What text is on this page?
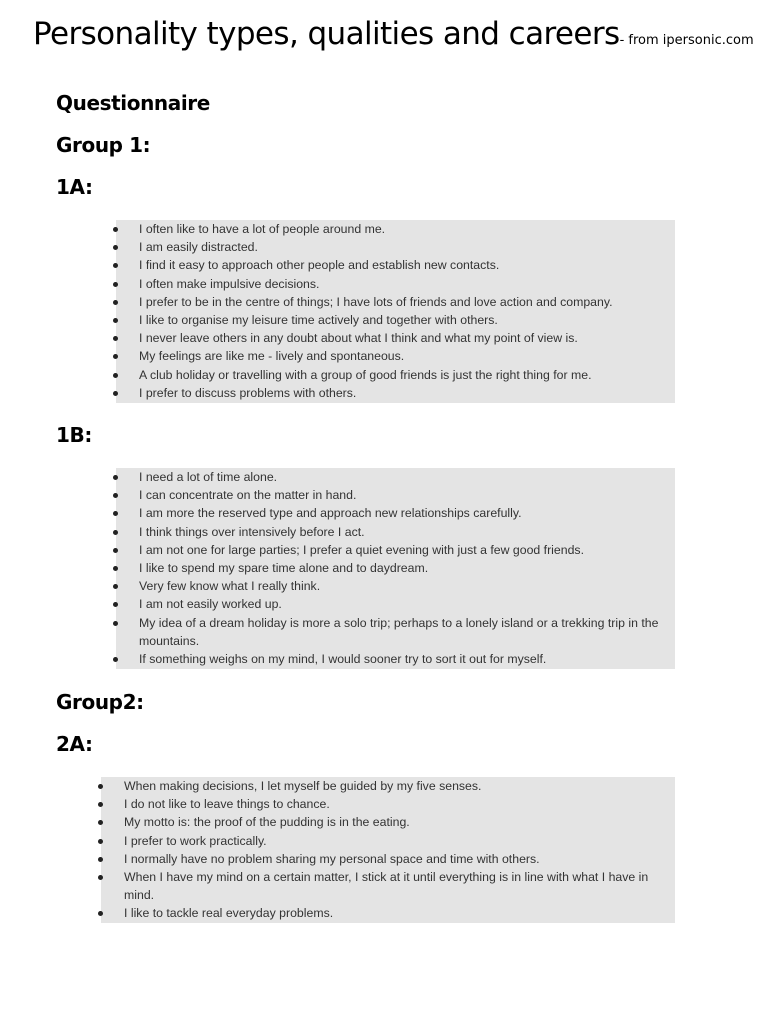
Personality types, qualities and careers- from ipersonic.com
Questionnaire
Group 1:
1A:
I often like to have a lot of people around me.
I am easily distracted.
I find it easy to approach other people and establish new contacts.
I often make impulsive decisions.
I prefer to be in the centre of things; I have lots of friends and love action and company.
I like to organise my leisure time actively and together with others.
I never leave others in any doubt about what I think and what my point of view is.
My feelings are like me - lively and spontaneous.
A club holiday or travelling with a group of good friends is just the right thing for me.
I prefer to discuss problems with others.
1B:
I need a lot of time alone.
I can concentrate on the matter in hand.
I am more the reserved type and approach new relationships carefully.
I think things over intensively before I act.
I am not one for large parties; I prefer a quiet evening with just a few good friends.
I like to spend my spare time alone and to daydream.
Very few know what I really think.
I am not easily worked up.
My idea of a dream holiday is more a solo trip; perhaps to a lonely island or a trekking trip in the mountains.
If something weighs on my mind, I would sooner try to sort it out for myself.
Group2:
2A:
When making decisions, I let myself be guided by my five senses.
I do not like to leave things to chance.
My motto is: the proof of the pudding is in the eating.
I prefer to work practically.
I normally have no problem sharing my personal space and time with others.
When I have my mind on a certain matter, I stick at it until everything is in line with what I have in mind.
I like to tackle real everyday problems.
